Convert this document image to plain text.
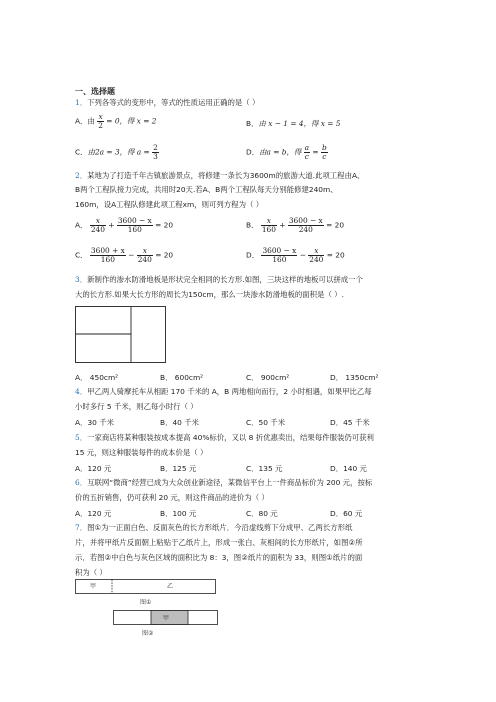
一、选择题
1．下列各等式的变形中，等式的性质运用正确的是（ ）
A．由 $\frac{x}{2} = 0$，得 x = 2	B．由 x − 1 = 4，得 x = 5
C．由2a = 3，得 $a = \frac{2}{3}$	D．由a = b，得 $\frac{a}{c} = \frac{b}{c}$
2．某地为了打造千年古镇旅游景点，将修建一条长为3600m的旅游大道.此项工程由A、
B两个工程队接力完成，共用时20天.若A、B两个工程队每天分别能修建240m、
160m，设A工程队修建此项工程xm，则可列方程为（ ）
A． $\frac{x}{240} + \frac{3600 - x}{160} = 20$	B． $\frac{x}{160} + \frac{3600 - x}{240} = 20$
C． $\frac{3600 + x}{160} - \frac{x}{240} = 20$	D． $\frac{3600 - x}{160} - \frac{x}{240} = 20$
3．新制作的渗水防滑地板是形状完全相同的长方形.如图，三块这样的地板可以拼成一个
大的长方形.如果大长方形的周长为150cm，那么一块渗水防滑地板的面积是（ ）.
A． 450cm²	B． 600cm²	C． 900cm²	D． 1350cm²
4．甲乙两人骑摩托车从相距 170 千米的 A，B 两地相向而行，2 小时相遇，如果甲比乙每
小时多行 5 千米，则乙每小时行（ ）
A．30 千米	B．40 千米	C．50 千米	D．45 千米
5．一家商店将某种服装按成本提高 40%标价，又以 8 折优惠卖出，结果每件服装仍可获利
15 元，则这种服装每件的成本价是（ ）
A．120 元	B．125 元	C．135 元	D．140 元
6．互联网“微商”经营已成为大众创业新途径，某微信平台上一件商品标价为 200 元，按标
价的五折销售，仍可获利 20 元，则这件商品的进价为（ ）
A．120 元	B．100 元	C．80 元	D．60 元
7．图①为一正面白色、反面灰色的长方形纸片．今沿虚线剪下分成甲、乙两长方形纸
片，并将甲纸片反面朝上粘贴于乙纸片上，形成一张白、灰相间的长方形纸片，如图②所
示．若图②中白色与灰色区域的面积比为 8：3，图②纸片的面积为 33，则图①纸片的面
积为（ ）
甲	乙
图①
甲
图②
